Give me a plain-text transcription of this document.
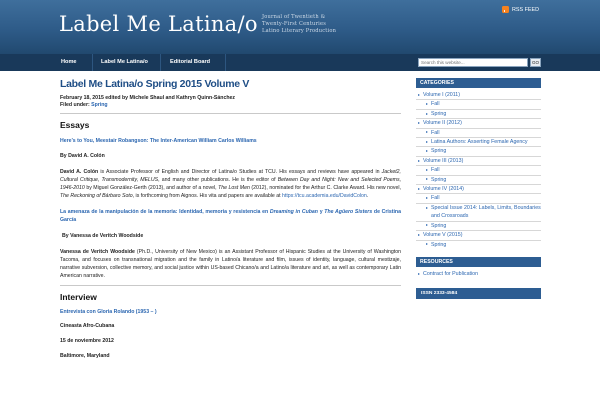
Label Me Latina/o Journal of Twentieth &
Twenty-First Centuries
Latino Literary Production
RSS FEED
Home	Label Me Latina/o	Editorial Board
Search this website...	GO
Label Me Latina/o Spring 2015 Volume V
February 18, 2015 edited by Michele Shaul and Kathryn Quinn-Sánchez
Filed under: Spring
Essays
Here’s to You, Meestair Robangson: The Inter-American William Carlos Williams
By David A. Colón
David A. Colón is Associate Professor of English and Director of Latina/o Studies at TCU. His essays and reviews have appeared in Jacket2, Cultural Critique, Transmodernity, MELUS, and many other publications. He is the editor of Between Day and Night: New and Selected Poems, 1946-2010 by Miguel González-Gerth (2013), and author of a novel, The Lost Men (2012), nominated for the Arthur C. Clarke Award. His new novel, The Reckoning of Bárbaro Soto, is forthcoming from Aignos. His vita and papers are available at https://tcu.academia.edu/DavidColon.
La amenaza de la manipulación de la memoria: Identidad, memoria y resistencia en Dreaming in Cuban y The Agüero Sisters de Cristina García
By Vanessa de Veritch Woodside
Vanessa de Veritch Woodside (Ph.D., University of New Mexico) is an Assistant Professor of Hispanic Studies at the University of Washington Tacoma, and focuses on transnational migration and the family in Latino/a literature and film, issues of identity, language, cultural mestizaje, narrative subversion, collective memory, and social justice within US-based Chicano/a and Latino/a literature and art, as well as contemporary Latin American narrative.
Interview
Entrevista con Gloria Rolando (1953 – )
Cineasta Afro-Cubana
15 de noviembre 2012
Baltimore, Maryland
CATEGORIES
Volume I (2011)
Fall
Spring
Volume II (2012)
Fall
Latina Authors: Asserting Female Agency
Spring
Volume III (2013)
Fall
Spring
Volume IV (2014)
Fall
Special Issue 2014: Labels, Limits, Boundaries and Crossroads
Spring
Volume V (2015)
Spring
RESOURCES
Contract for Publication
ISSN 2333-4584
